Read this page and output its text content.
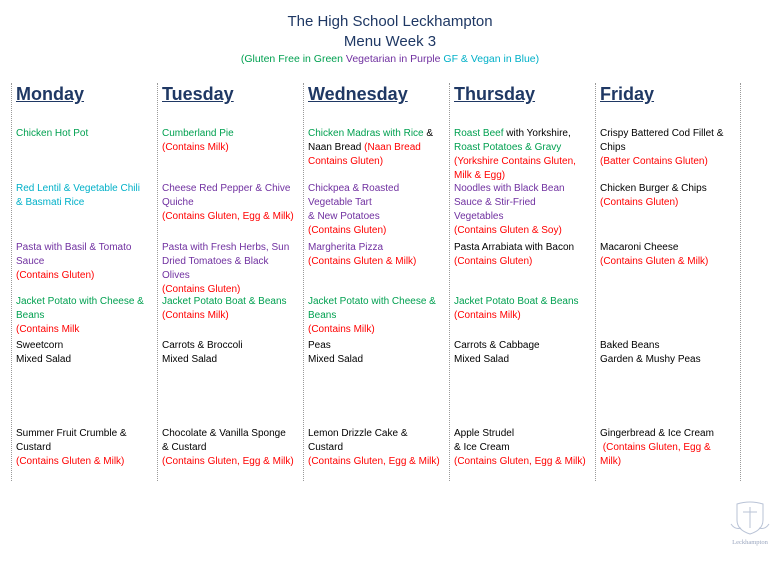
The High School Leckhampton
Menu Week 3
(Gluten Free in Green Vegetarian in Purple GF & Vegan in Blue)
Monday
Chicken Hot Pot
Red Lentil & Vegetable Chili
& Basmati Rice
Pasta with Basil & Tomato
Sauce
(Contains Gluten)
Jacket Potato with Cheese &
Beans
(Contains Milk
Sweetcorn
Mixed Salad
Summer Fruit Crumble &
Custard
(Contains Gluten & Milk)
Tuesday
Cumberland Pie
(Contains Milk)
Cheese Red Pepper & Chive
Quiche
(Contains Gluten, Egg & Milk)
Pasta with Fresh Herbs, Sun
Dried Tomatoes & Black
Olives
(Contains Gluten)
Jacket Potato Boat & Beans
(Contains Milk)
Carrots & Broccoli
Mixed Salad
Chocolate & Vanilla Sponge
& Custard
(Contains Gluten, Egg & Milk)
Wednesday
Chicken Madras with Rice &
Naan Bread (Naan Bread
Contains Gluten)
Chickpea & Roasted
Vegetable Tart
& New Potatoes
(Contains Gluten)
Margherita Pizza
(Contains Gluten & Milk)
Jacket Potato with Cheese &
Beans
(Contains Milk)
Peas
Mixed Salad
Lemon Drizzle Cake &
Custard
(Contains Gluten, Egg & Milk)
Thursday
Roast Beef with Yorkshire,
Roast Potatoes & Gravy
(Yorkshire Contains Gluten,
Milk & Egg)
Noodles with Black Bean
Sauce & Stir-Fried
Vegetables
(Contains Gluten & Soy)
Pasta Arrabiata with Bacon
(Contains Gluten)
Jacket Potato Boat & Beans
(Contains Milk)
Carrots & Cabbage
Mixed Salad
Apple Strudel
& Ice Cream
(Contains Gluten, Egg & Milk)
Friday
Crispy Battered Cod Fillet &
Chips
(Batter Contains Gluten)
Chicken Burger & Chips
(Contains Gluten)
Macaroni Cheese
(Contains Gluten & Milk)
Baked Beans
Garden & Mushy Peas
Gingerbread & Ice Cream
(Contains Gluten, Egg &
Milk)
Leckhampton
